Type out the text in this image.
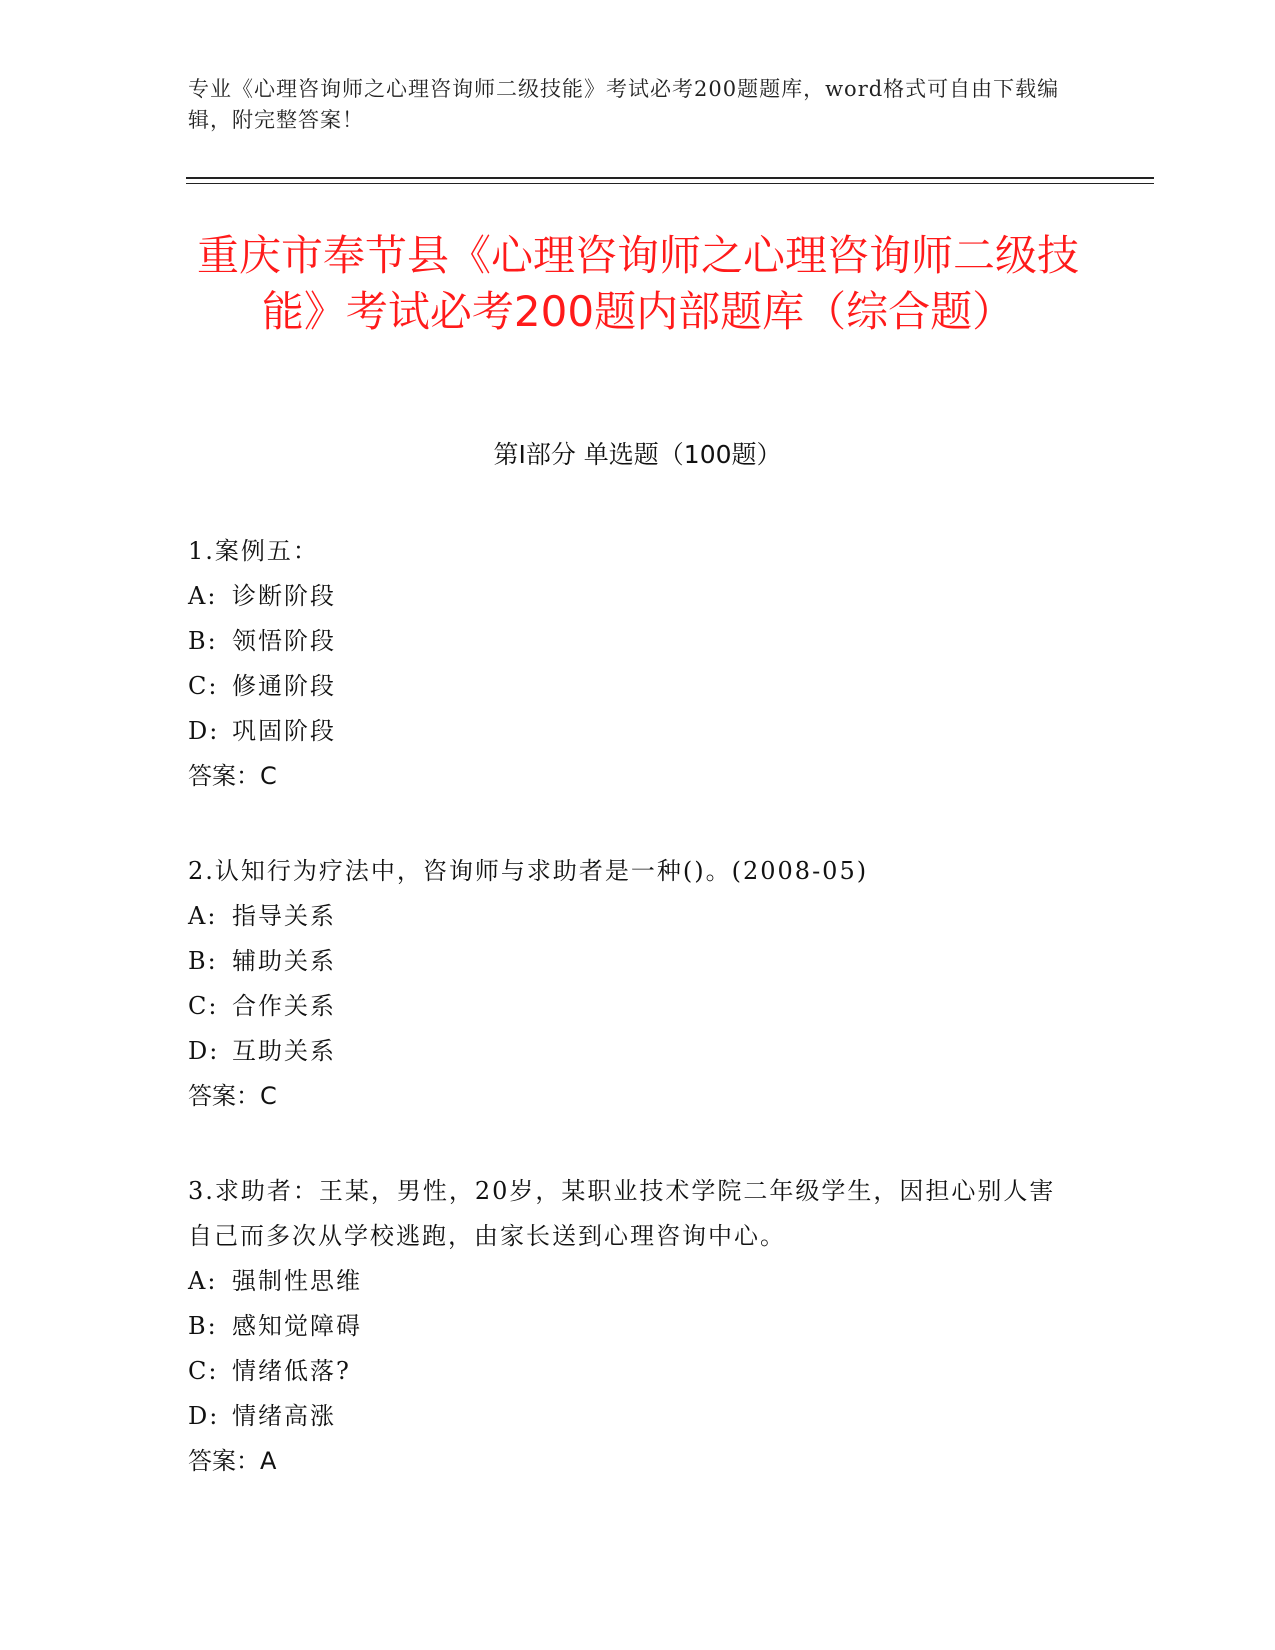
专业《心理咨询师之心理咨询师二级技能》考试必考200题题库，word格式可自由下载编辑，附完整答案！
重庆市奉节县《心理咨询师之心理咨询师二级技能》考试必考200题内部题库（综合题）
第I部分 单选题（100题）
1.案例五：
A: 诊断阶段
B: 领悟阶段
C: 修通阶段
D: 巩固阶段
答案：C
2.认知行为疗法中，咨询师与求助者是一种()。(2008-05)
A: 指导关系
B: 辅助关系
C: 合作关系
D: 互助关系
答案：C
3.求助者：王某，男性，20岁，某职业技术学院二年级学生，因担心别人害自己而多次从学校逃跑，由家长送到心理咨询中心。
A: 强制性思维
B: 感知觉障碍
C: 情绪低落?
D: 情绪高涨
答案：A
